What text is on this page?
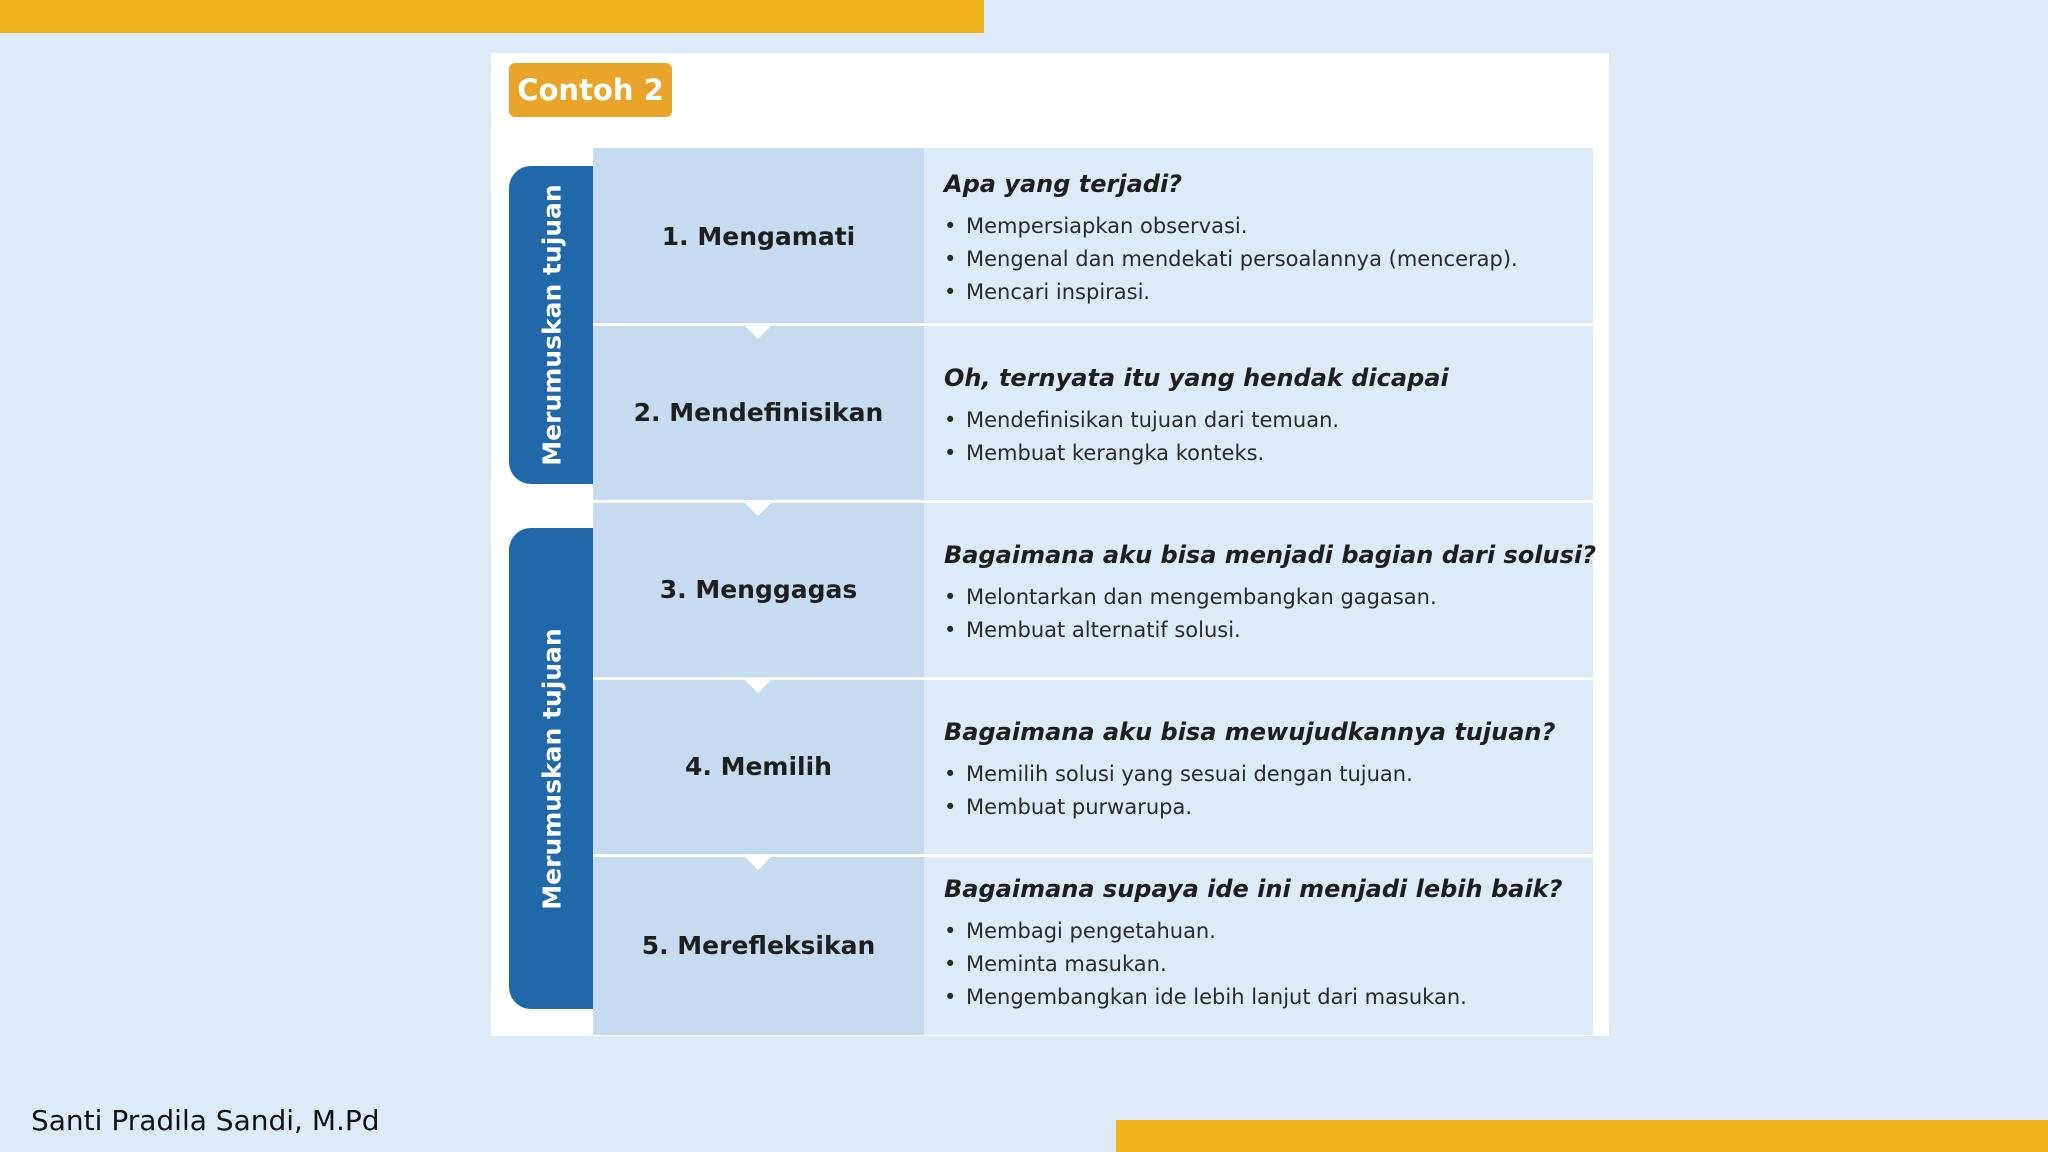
Contoh 2
Merumuskan tujuan
Merumuskan tujuan
1. Mengamati
Apa yang terjadi?
• Mempersiapkan observasi.
• Mengenal dan mendekati persoalannya (mencerap).
• Mencari inspirasi.
2. Mendefinisikan
Oh, ternyata itu yang hendak dicapai
• Mendefinisikan tujuan dari temuan.
• Membuat kerangka konteks.
3. Menggagas
Bagaimana aku bisa menjadi bagian dari solusi?
• Melontarkan dan mengembangkan gagasan.
• Membuat alternatif solusi.
4. Memilih
Bagaimana aku bisa mewujudkannya tujuan?
• Memilih solusi yang sesuai dengan tujuan.
• Membuat purwarupa.
5. Merefleksikan
Bagaimana supaya ide ini menjadi lebih baik?
• Membagi pengetahuan.
• Meminta masukan.
• Mengembangkan ide lebih lanjut dari masukan.
Santi Pradila Sandi, M.Pd
